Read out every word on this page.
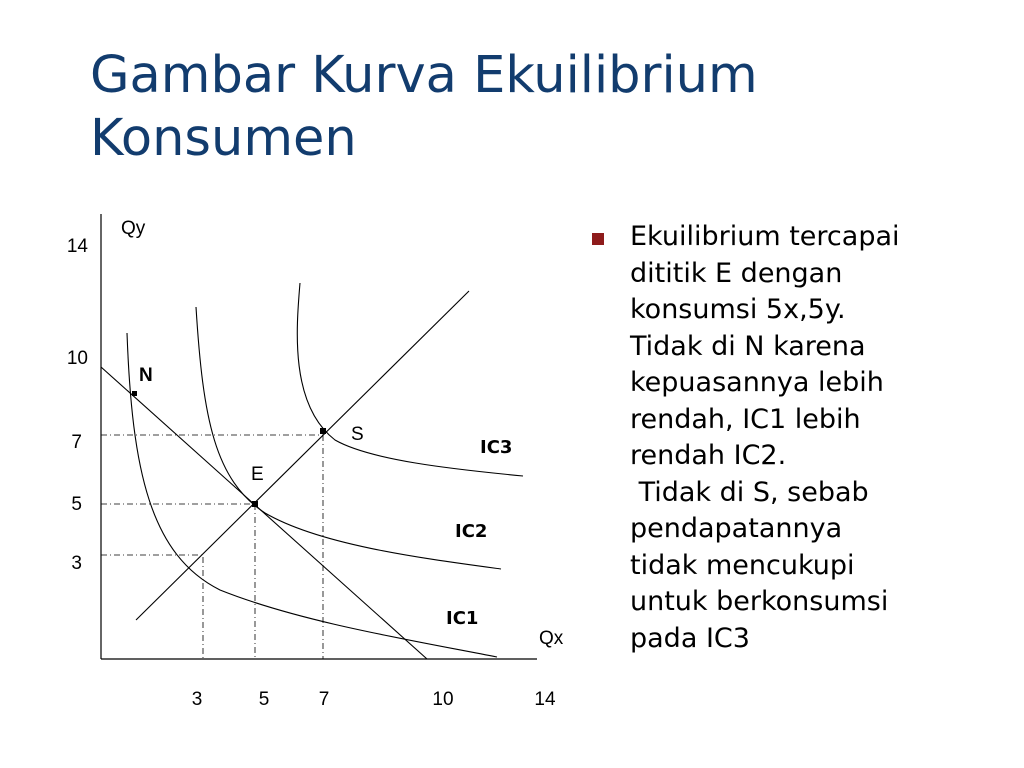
Gambar Kurva Ekuilibrium
Konsumen
Qy
Qx
14
10
7
5
3
3	5	7	10	14
N
E
S
IC3
IC2
IC1
Ekuilibrium tercapai
dititik E dengan
konsumsi 5x,5y.
Tidak di N karena
kepuasannya lebih
rendah, IC1 lebih
rendah IC2.
Tidak di S, sebab
pendapatannya
tidak mencukupi
untuk berkonsumsi
pada IC3
